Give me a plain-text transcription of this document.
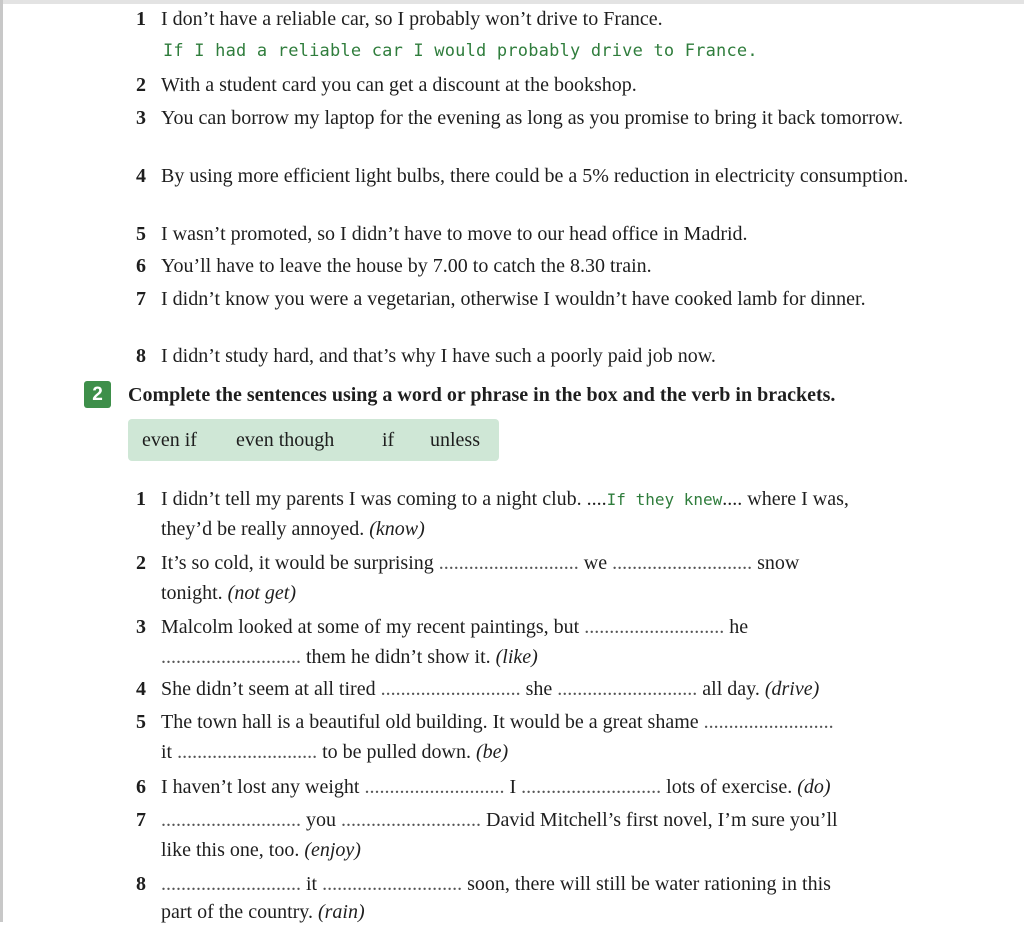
1 I don’t have a reliable car, so I probably won’t drive to France.
If I had a reliable car I would probably drive to France.
2 With a student card you can get a discount at the bookshop.
3 You can borrow my laptop for the evening as long as you promise to bring it back tomorrow.
4 By using more efficient light bulbs, there could be a 5% reduction in electricity consumption.
5 I wasn’t promoted, so I didn’t have to move to our head office in Madrid.
6 You’ll have to leave the house by 7.00 to catch the 8.30 train.
7 I didn’t know you were a vegetarian, otherwise I wouldn’t have cooked lamb for dinner.
8 I didn’t study hard, and that’s why I have such a poorly paid job now.
2	Complete the sentences using a word or phrase in the box and the verb in brackets.
even if even though if unless
1 I didn’t tell my parents I was coming to a night club. ....If they knew.... where I was,
they’d be really annoyed. (know)
2 It’s so cold, it would be surprising ............................ we ............................ snow
tonight. (not get)
3 Malcolm looked at some of my recent paintings, but ............................ he
............................ them he didn’t show it. (like)
4 She didn’t seem at all tired ............................ she ............................ all day. (drive)
5 The town hall is a beautiful old building. It would be a great shame ..........................
it ............................ to be pulled down. (be)
6 I haven’t lost any weight ............................ I ............................ lots of exercise. (do)
7 ............................ you ............................ David Mitchell’s first novel, I’m sure you’ll
like this one, too. (enjoy)
8 ............................ it ............................ soon, there will still be water rationing in this
part of the country. (rain)
